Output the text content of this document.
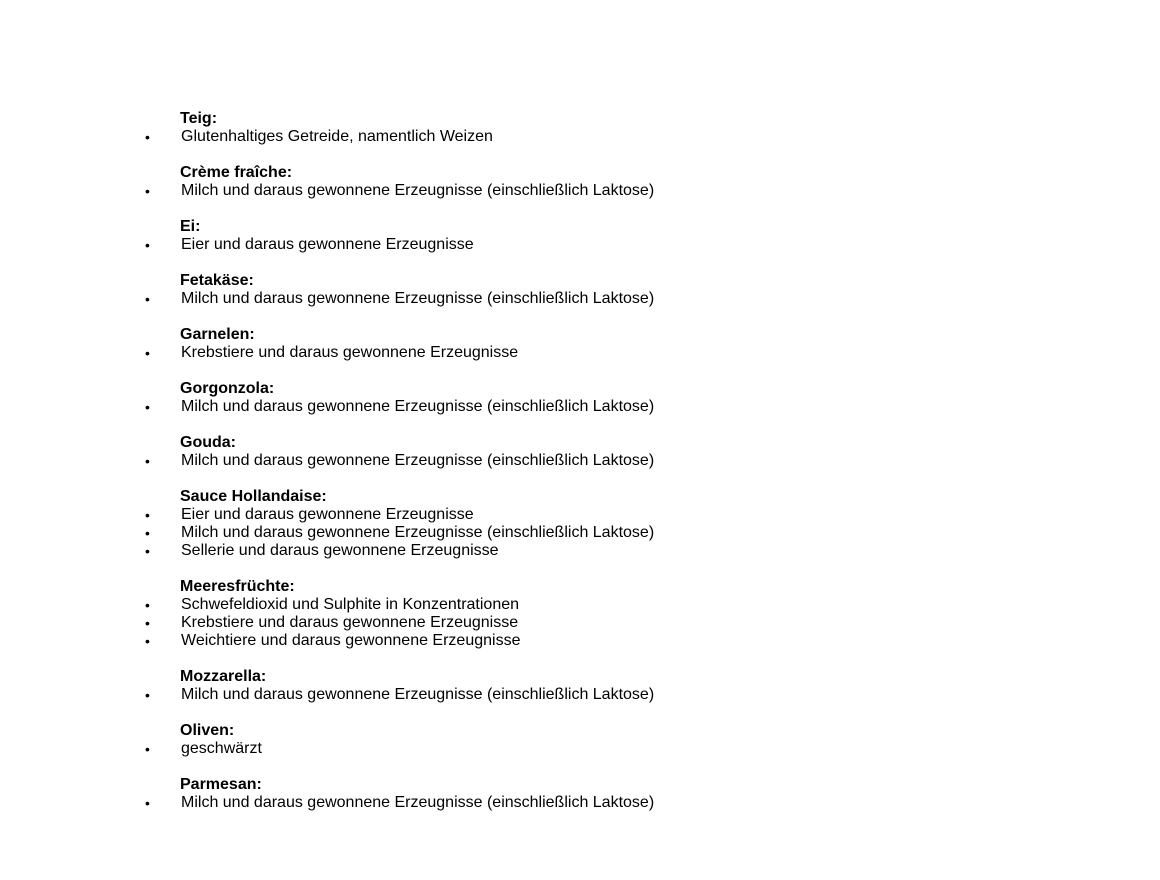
Teig:
•	Glutenhaltiges Getreide, namentlich Weizen
Crème fraîche:
•	Milch und daraus gewonnene Erzeugnisse (einschließlich Laktose)
Ei:
•	Eier und daraus gewonnene Erzeugnisse
Fetakäse:
•	Milch und daraus gewonnene Erzeugnisse (einschließlich Laktose)
Garnelen:
•	Krebstiere und daraus gewonnene Erzeugnisse
Gorgonzola:
•	Milch und daraus gewonnene Erzeugnisse (einschließlich Laktose)
Gouda:
•	Milch und daraus gewonnene Erzeugnisse (einschließlich Laktose)
Sauce Hollandaise:
•	Eier und daraus gewonnene Erzeugnisse
•	Milch und daraus gewonnene Erzeugnisse (einschließlich Laktose)
•	Sellerie und daraus gewonnene Erzeugnisse
Meeresfrüchte:
•	Schwefeldioxid und Sulphite in Konzentrationen
•	Krebstiere und daraus gewonnene Erzeugnisse
•	Weichtiere und daraus gewonnene Erzeugnisse
Mozzarella:
•	Milch und daraus gewonnene Erzeugnisse (einschließlich Laktose)
Oliven:
•	geschwärzt
Parmesan:
•	Milch und daraus gewonnene Erzeugnisse (einschließlich Laktose)
